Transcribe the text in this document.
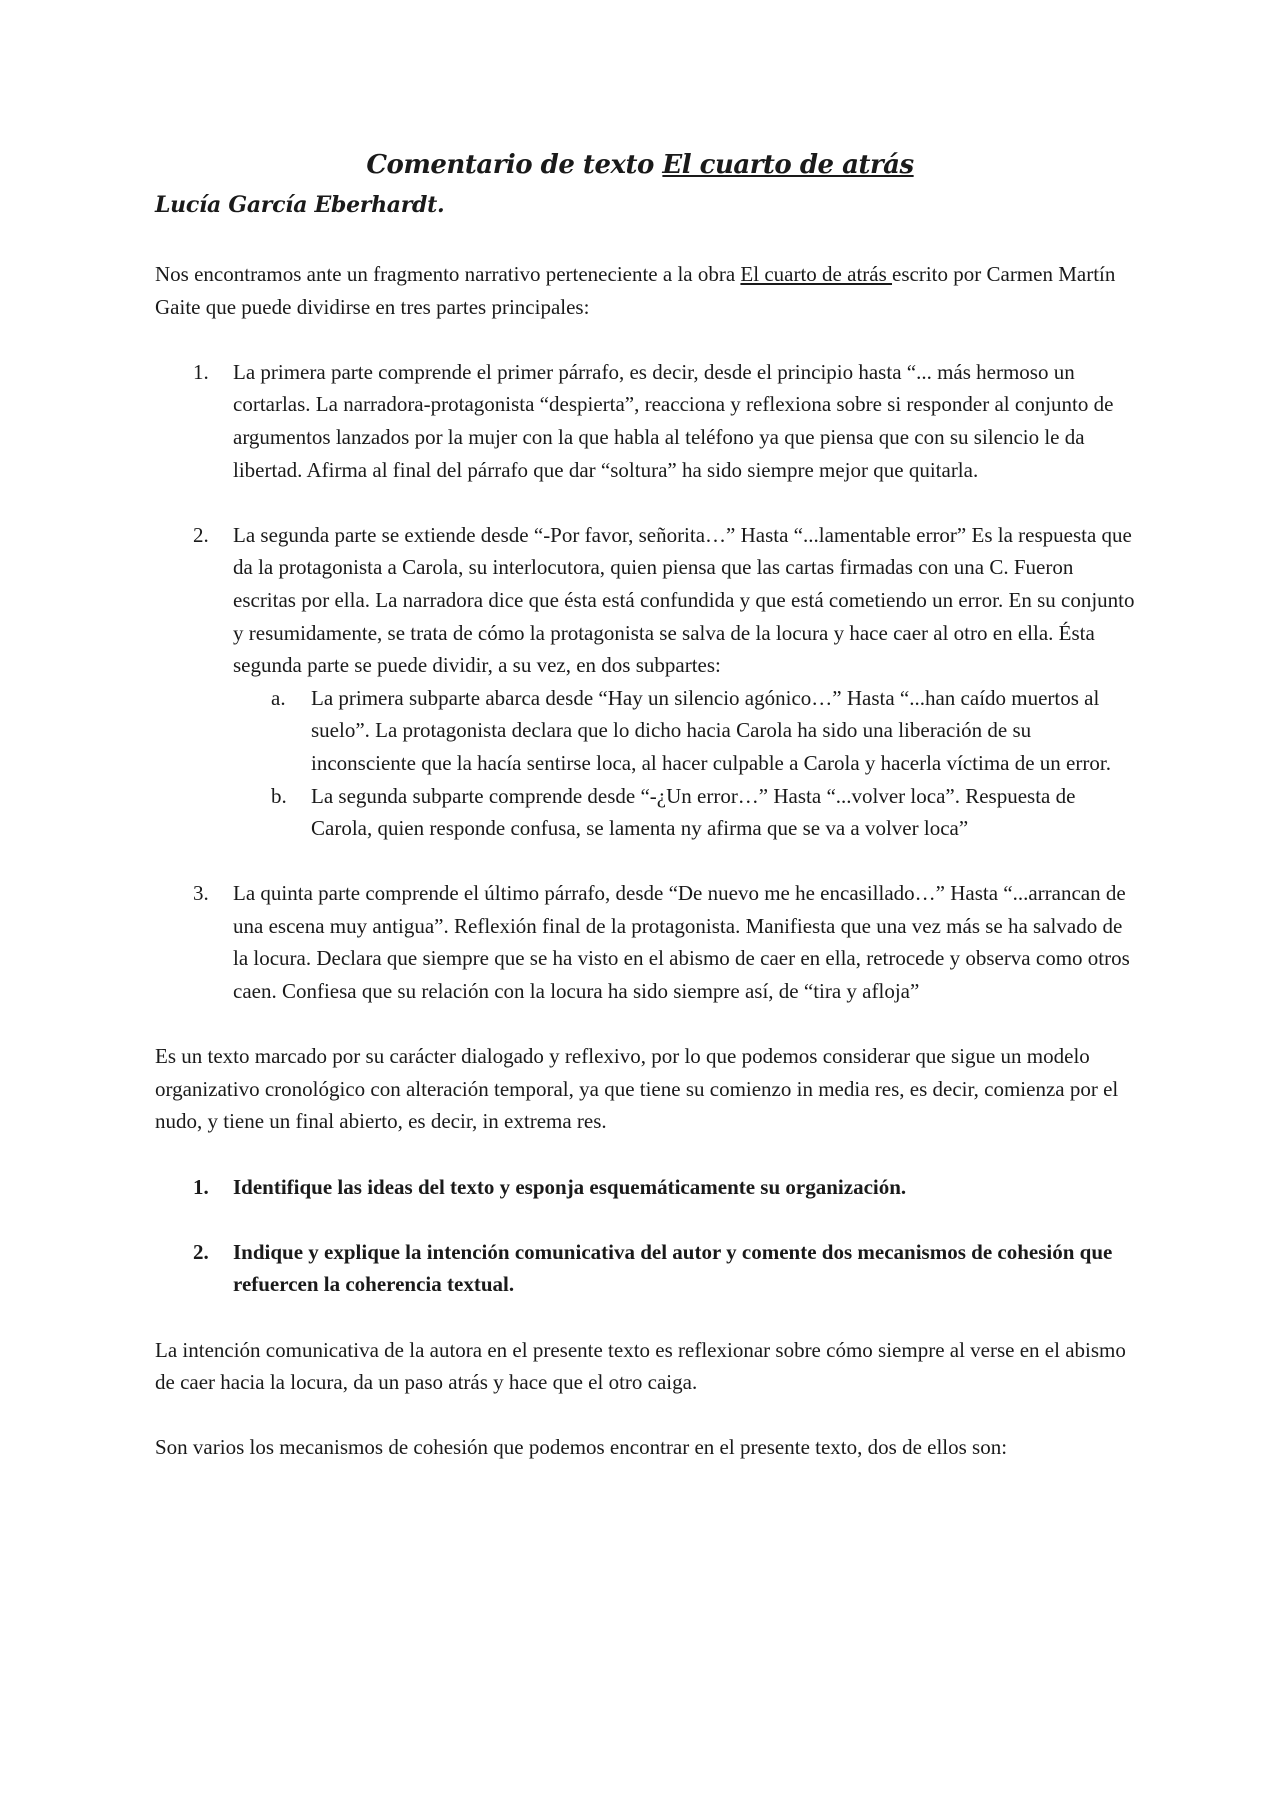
Comentario de texto El cuarto de atrás

Lucía García Eberhardt.

Nos encontramos ante un fragmento narrativo perteneciente a la obra El cuarto de atrás escrito por Carmen Martín Gaite que puede dividirse en tres partes principales:

1. La primera parte comprende el primer párrafo, es decir, desde el principio hasta “... más hermoso un cortarlas. La narradora-protagonista “despierta”, reacciona y reflexiona sobre si responder al conjunto de argumentos lanzados por la mujer con la que habla al teléfono ya que piensa que con su silencio le da libertad. Afirma al final del párrafo que dar “soltura” ha sido siempre mejor que quitarla.

2. La segunda parte se extiende desde “-Por favor, señorita…” Hasta “...lamentable error” Es la respuesta que da la protagonista a Carola, su interlocutora, quien piensa que las cartas firmadas con una C. Fueron escritas por ella. La narradora dice que ésta está confundida y que está cometiendo un error. En su conjunto y resumidamente, se trata de cómo la protagonista se salva de la locura y hace caer al otro en ella. Ésta segunda parte se puede dividir, a su vez, en dos subpartes:

a. La primera subparte abarca desde “Hay un silencio agónico…” Hasta “...han caído muertos al suelo”. La protagonista declara que lo dicho hacia Carola ha sido una liberación de su inconsciente que la hacía sentirse loca, al hacer culpable a Carola y hacerla víctima de un error.

b. La segunda subparte comprende desde “-¿Un error…” Hasta “...volver loca”. Respuesta de Carola, quien responde confusa, se lamenta ny afirma que se va a volver loca”

3. La quinta parte comprende el último párrafo, desde “De nuevo me he encasillado…” Hasta “...arrancan de una escena muy antigua”. Reflexión final de la protagonista. Manifiesta que una vez más se ha salvado de la locura. Declara que siempre que se ha visto en el abismo de caer en ella, retrocede y observa como otros caen. Confiesa que su relación con la locura ha sido siempre así, de “tira y afloja”

Es un texto marcado por su carácter dialogado y reflexivo, por lo que podemos considerar que sigue un modelo organizativo cronológico con alteración temporal, ya que tiene su comienzo in media res, es decir, comienza por el nudo, y tiene un final abierto, es decir, in extrema res.

1. Identifique las ideas del texto y esponja esquemáticamente su organización.

2. Indique y explique la intención comunicativa del autor y comente dos mecanismos de cohesión que refuercen la coherencia textual.

La intención comunicativa de la autora en el presente texto es reflexionar sobre cómo siempre al verse en el abismo de caer hacia la locura, da un paso atrás y hace que el otro caiga.

Son varios los mecanismos de cohesión que podemos encontrar en el presente texto, dos de ellos son:
